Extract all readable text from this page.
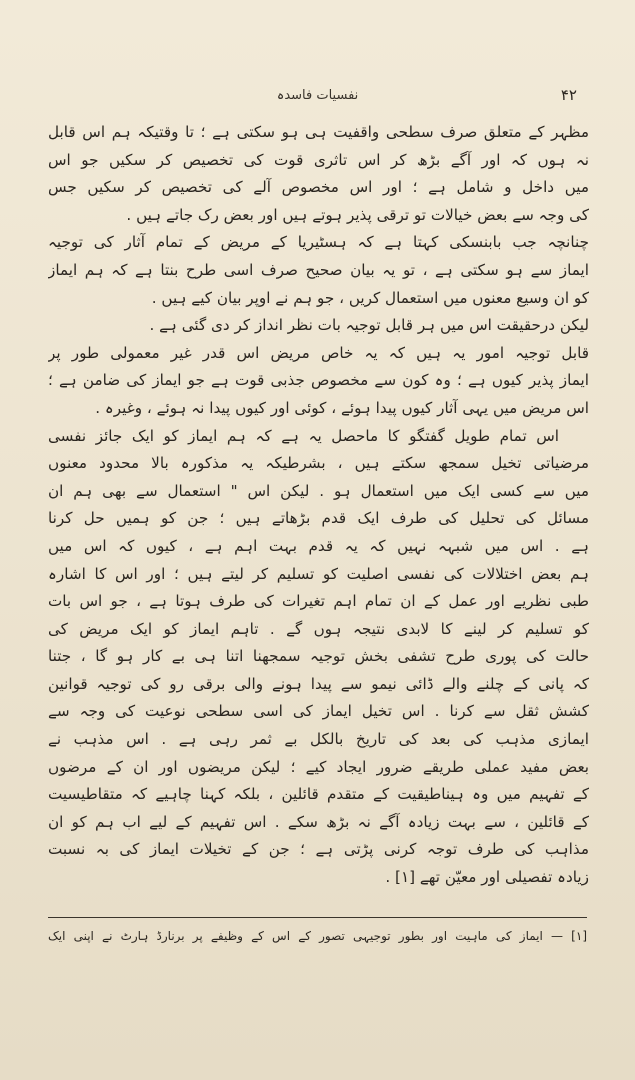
۴۲
نفسیات فاسدہ
مظہر کے متعلق صرف سطحی واقفیت ہی ہو سکتی ہے ؛ تا وقتیکہ ہم اس قابل
نہ ہوں کہ اور آگے بڑھ کر اس تاثری قوت کی تخصیص کر سکیں جو اس
میں داخل و شامل ہے ؛ اور اس مخصوص آلے کی تخصیص کر سکیں جس
کی وجہ سے بعض خیالات تو ترقی پذیر ہوتے ہیں اور بعض رک جاتے ہیں .
چنانچہ جب بابنسکی کہتا ہے کہ ہسٹیریا کے مریض کے تمام آثار کی توجیہ
ایماز سے ہو سکتی ہے ، تو یہ بیان صحیح صرف اسی طرح بنتا ہے کہ ہم ایماز
کو ان وسیع معنوں میں استعمال کریں ، جو ہم نے اوپر بیان کیے ہیں .
لیکن درحقیقت اس میں ہر قابل توجیہ بات نظر انداز کر دی گئی ہے .
قابل توجیہ امور یہ ہیں کہ یہ خاص مریض اس قدر غیر معمولی طور پر
ایماز پذیر کیوں ہے ؛ وہ کون سے مخصوص جذبی قوت ہے جو ایماز کی ضامن ہے ؛
اس مریض میں یہی آثار کیوں پیدا ہوئے ، کوئی اور کیوں پیدا نہ ہوئے ، وغیرہ .
اس تمام طویل گفتگو کا ماحصل یہ ہے کہ ہم ایماز کو ایک جائز نفسی
مرضیاتی تخیل سمجھ سکتے ہیں ، بشرطیکہ یہ مذکورہ بالا محدود معنوں
میں سے کسی ایک میں استعمال ہو . لیکن اس " استعمال سے بھی ہم ان
مسائل کی تحلیل کی طرف ایک قدم بڑھاتے ہیں ؛ جن کو ہمیں حل کرنا
ہے . اس میں شبہہ نہیں کہ یہ قدم بہت اہم ہے ، کیوں کہ اس میں
ہم بعض اختلالات کی نفسی اصلیت کو تسلیم کر لیتے ہیں ؛ اور اس کا اشارہ
طبی نظریے اور عمل کے ان تمام اہم تغیرات کی طرف ہوتا ہے ، جو اس بات
کو تسلیم کر لینے کا لابدی نتیجہ ہوں گے . تاہم ایماز کو ایک مریض کی
حالت کی پوری طرح تشفی بخش توجیہ سمجھنا اتنا ہی بے کار ہو گا ، جتنا
کہ پانی کے چلنے والے ڈائی نیمو سے پیدا ہونے والی برقی رو کی توجیہ قوانین
کشش ثقل سے کرنا . اس تخیل ایماز کی اسی سطحی نوعیت کی وجہ سے
ایمازی مذہب کی بعد کی تاریخ بالکل بے ثمر رہی ہے . اس مذہب نے
بعض مفید عملی طریقے ضرور ایجاد کیے ؛ لیکن مریضوں اور ان کے مرضوں
کے تفہیم میں وہ ہیناطیقیت کے متقدم قائلین ، بلکہ کہنا چاہیے کہ متقاطیسیت
کے قائلین ، سے بہت زیادہ آگے نہ بڑھ سکے . اس تفہیم کے لیے اب ہم کو ان
مذاہب کی طرف توجہ کرنی پڑتی ہے ؛ جن کے تخیلات ایماز کی بہ نسبت
زیادہ تفصیلی اور معیّن تھے [۱] .
[۱] — ایماز کی ماہیت اور بطور توجیہی تصور کے اس کے وظیفے پر برنارڈ ہارٹ نے اپنی ایک
